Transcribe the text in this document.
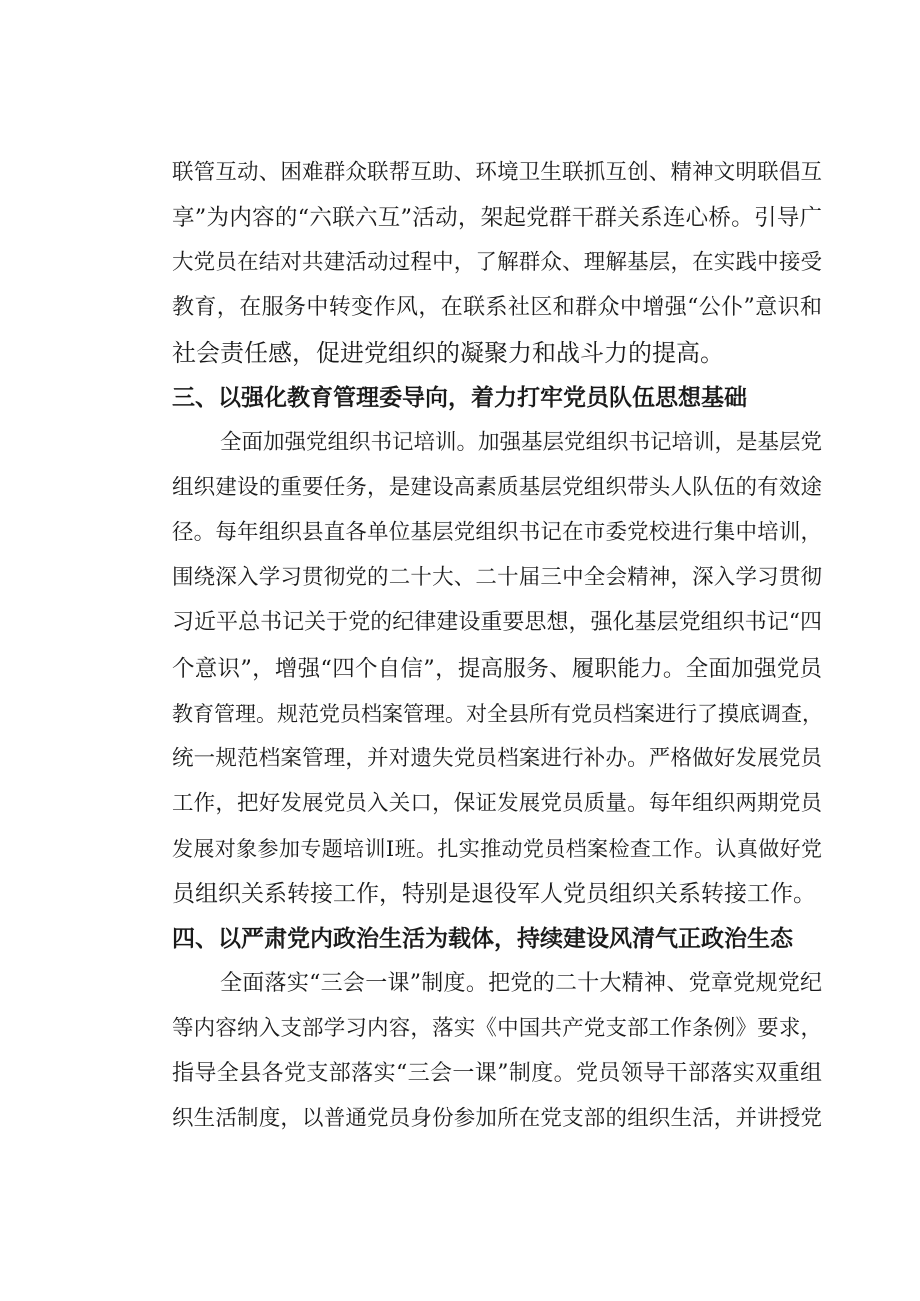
联管互动、困难群众联帮互助、环境卫生联抓互创、精神文明联倡互
享”为内容的“六联六互”活动，架起党群干群关系连心桥。引导广
大党员在结对共建活动过程中，了解群众、理解基层，在实践中接受
教育，在服务中转变作风，在联系社区和群众中增强“公仆”意识和
社会责任感，促进党组织的凝聚力和战斗力的提高。
三、以强化教育管理委导向，着力打牢党员队伍思想基础
全面加强党组织书记培训。加强基层党组织书记培训，是基层党
组织建设的重要任务，是建设高素质基层党组织带头人队伍的有效途
径。每年组织县直各单位基层党组织书记在市委党校进行集中培训，
围绕深入学习贯彻党的二十大、二十届三中全会精神，深入学习贯彻
习近平总书记关于党的纪律建设重要思想，强化基层党组织书记“四
个意识”，增强“四个自信”，提高服务、履职能力。全面加强党员
教育管理。规范党员档案管理。对全县所有党员档案进行了摸底调查，
统一规范档案管理，并对遗失党员档案进行补办。严格做好发展党员
工作，把好发展党员入关口，保证发展党员质量。每年组织两期党员
发展对象参加专题培训I班。扎实推动党员档案检查工作。认真做好党
员组织关系转接工作，特别是退役军人党员组织关系转接工作。
四、以严肃党内政治生活为载体，持续建设风清气正政治生态
全面落实“三会一课”制度。把党的二十大精神、党章党规党纪
等内容纳入支部学习内容，落实《中国共产党支部工作条例》要求，
指导全县各党支部落实“三会一课”制度。党员领导干部落实双重组
织生活制度，以普通党员身份参加所在党支部的组织生活，并讲授党
